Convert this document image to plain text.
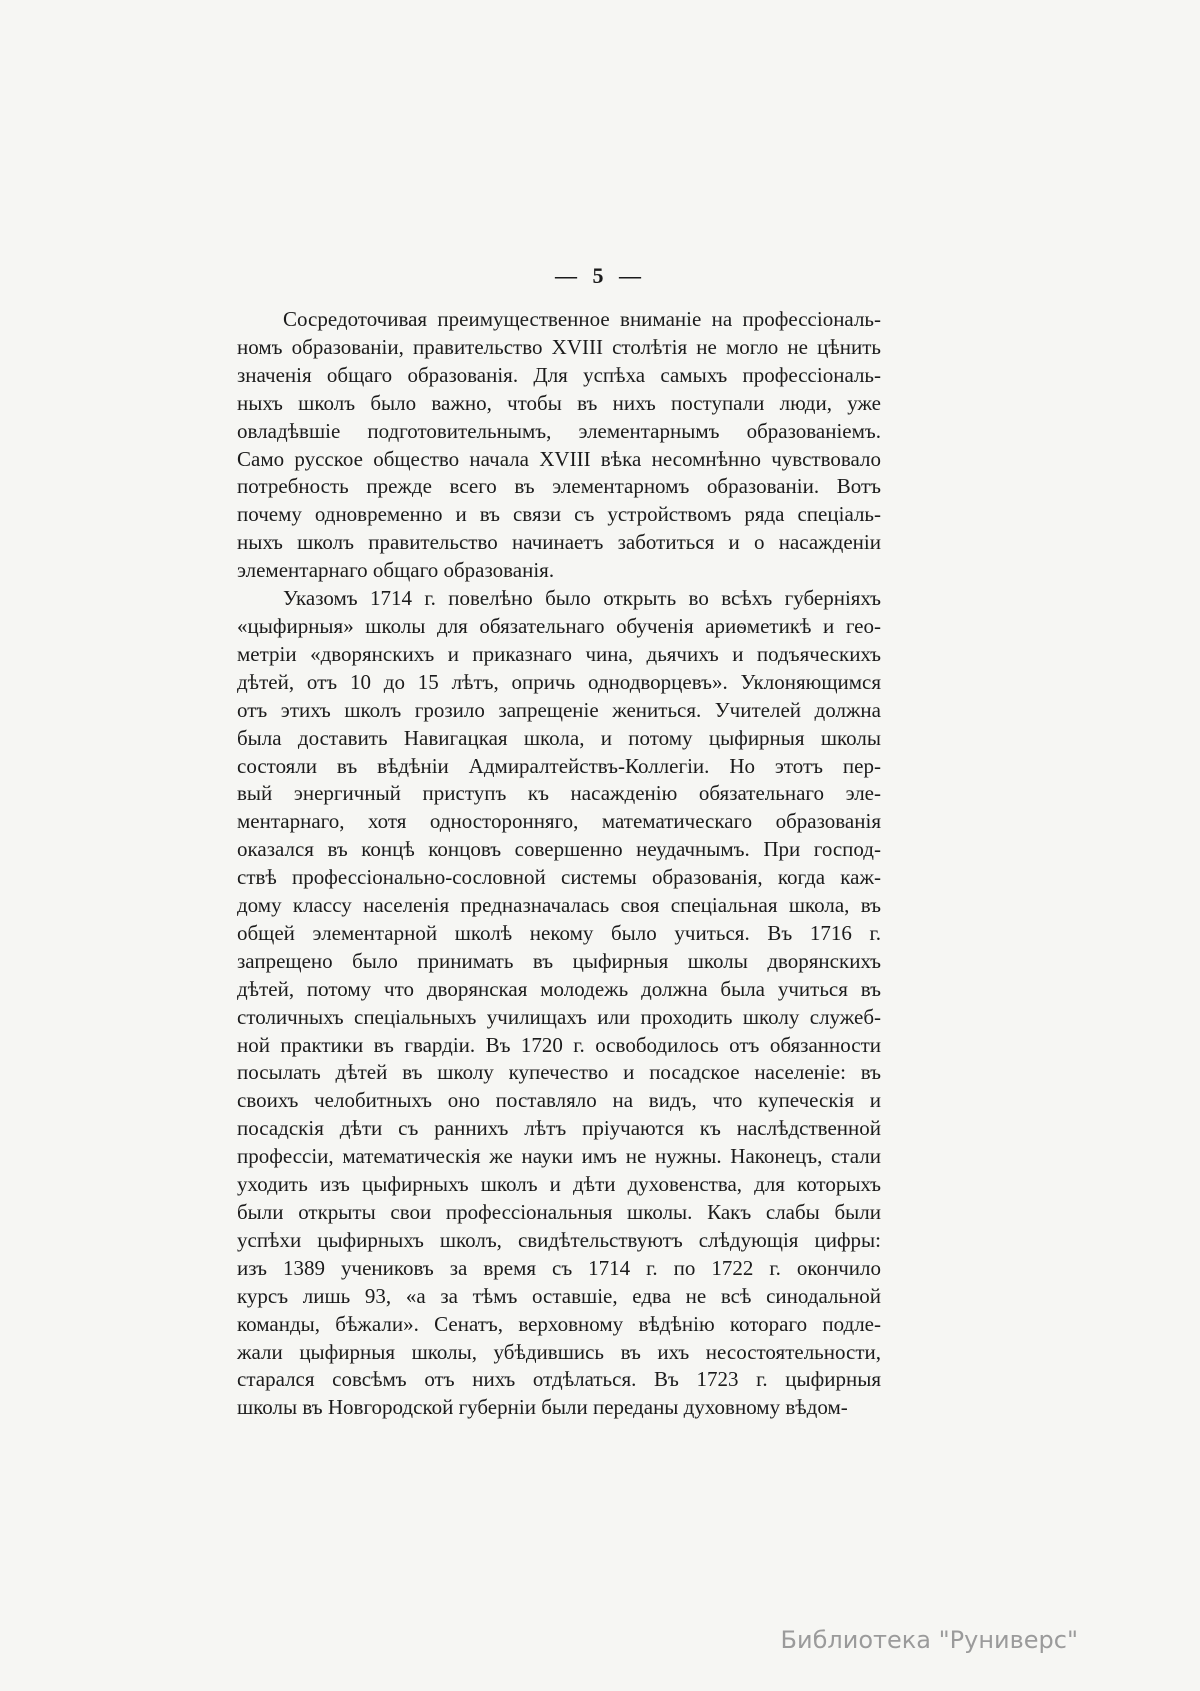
— 5 —
Сосредоточивая преимущественное вниманіе на профессіональ-
номъ образованіи, правительство XVIII столѣтія не могло не цѣнить
значенія общаго образованія. Для успѣха самыхъ профессіональ-
ныхъ школъ было важно, чтобы въ нихъ поступали люди, уже
овладѣвшіе подготовительнымъ, элементарнымъ образованіемъ.
Само русское общество начала XVIII вѣка несомнѣнно чувствовало
потребность прежде всего въ элементарномъ образованіи. Вотъ
почему одновременно и въ связи съ устройствомъ ряда спеціаль-
ныхъ школъ правительство начинаетъ заботиться и о насажденіи
элементарнаго общаго образованія.
Указомъ 1714 г. повелѣно было открыть во всѣхъ губерніяхъ
«цыфирныя» школы для обязательнаго обученія ариѳметикѣ и гео-
метріи «дворянскихъ и приказнаго чина, дьячихъ и подъяческихъ
дѣтей, отъ 10 до 15 лѣтъ, опричь однодворцевъ». Уклоняющимся
отъ этихъ школъ грозило запрещеніе жениться. Учителей должна
была доставить Навигацкая школа, и потому цыфирныя школы
состояли въ вѣдѣніи Адмиралтействъ-Коллегіи. Но этотъ пер-
вый энергичный приступъ къ насажденію обязательнаго эле-
ментарнаго, хотя односторонняго, математическаго образованія
оказался въ концѣ концовъ совершенно неудачнымъ. При господ-
ствѣ профессіонально-сословной системы образованія, когда каж-
дому классу населенія предназначалась своя спеціальная школа, въ
общей элементарной школѣ некому было учиться. Въ 1716 г.
запрещено было принимать въ цыфирныя школы дворянскихъ
дѣтей, потому что дворянская молодежь должна была учиться въ
столичныхъ спеціальныхъ училищахъ или проходить школу служеб-
ной практики въ гвардіи. Въ 1720 г. освободилось отъ обязанности
посылать дѣтей въ школу купечество и посадское населеніе: въ
своихъ челобитныхъ оно поставляло на видъ, что купеческія и
посадскія дѣти съ раннихъ лѣтъ пріучаются къ наслѣдственной
профессіи, математическія же науки имъ не нужны. Наконецъ, стали
уходить изъ цыфирныхъ школъ и дѣти духовенства, для которыхъ
были открыты свои профессіональныя школы. Какъ слабы были
успѣхи цыфирныхъ школъ, свидѣтельствуютъ слѣдующія цифры:
изъ 1389 учениковъ за время съ 1714 г. по 1722 г. окончило
курсъ лишь 93, «а за тѣмъ оставшіе, едва не всѣ синодальной
команды, бѣжали». Сенатъ, верховному вѣдѣнію котораго подле-
жали цыфирныя школы, убѣдившись въ ихъ несостоятельности,
старался совсѣмъ отъ нихъ отдѣлаться. Въ 1723 г. цыфирныя
школы въ Новгородской губерніи были переданы духовному вѣдом-
Библиотека "Руниверс"
